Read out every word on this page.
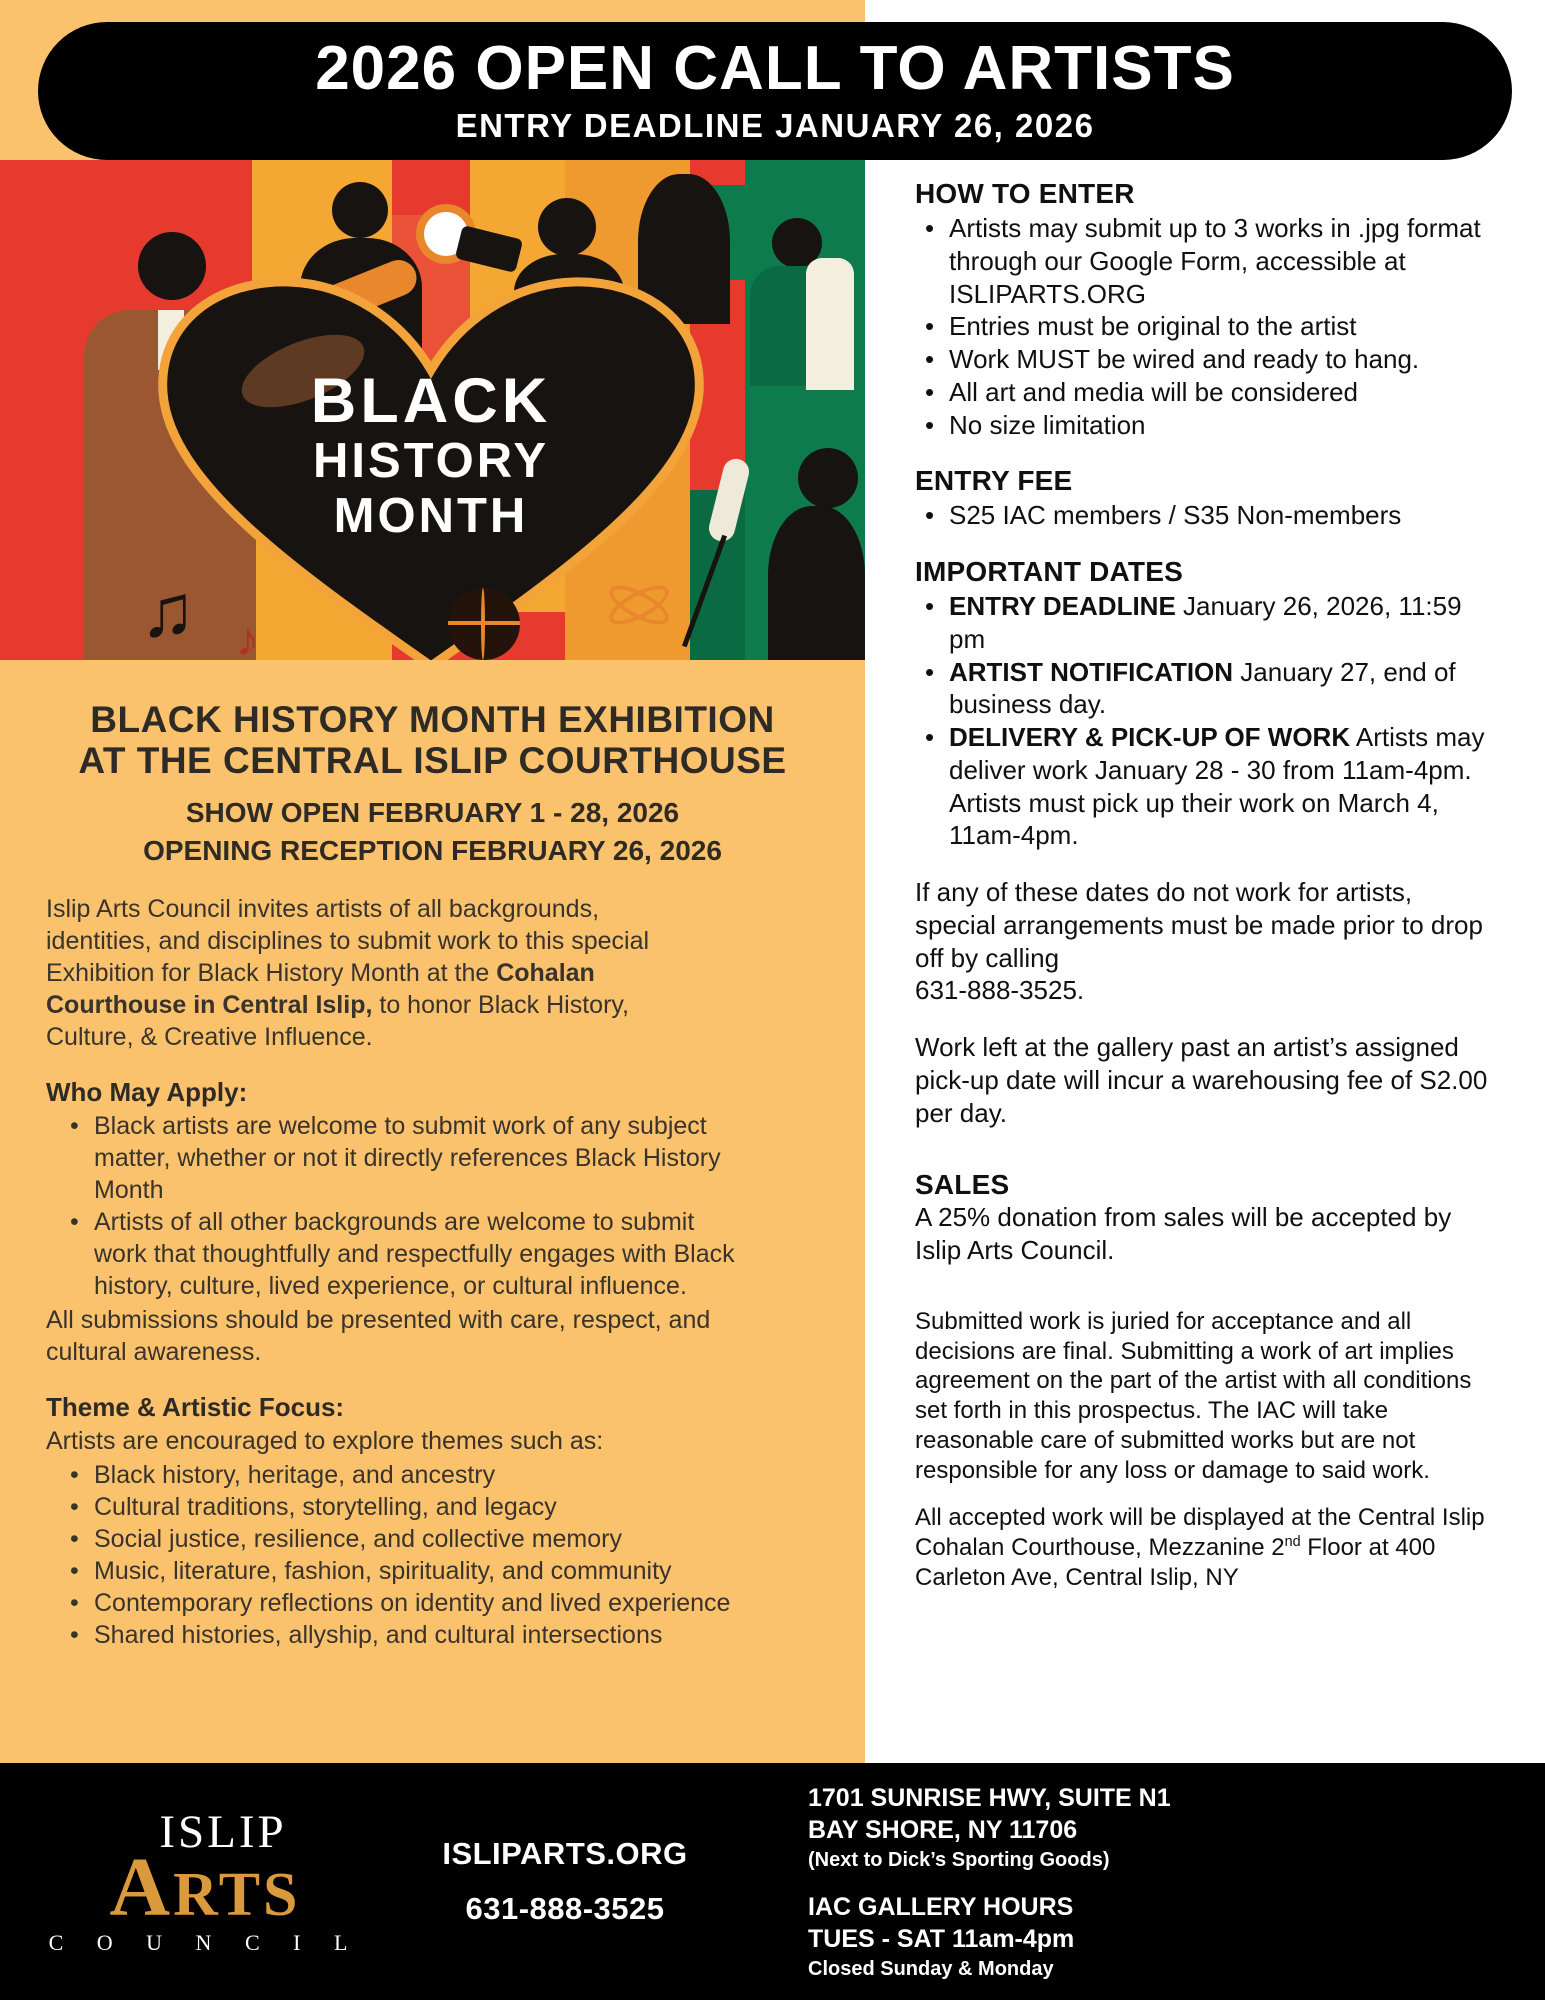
2026 OPEN CALL TO ARTISTS
ENTRY DEADLINE JANUARY 26, 2026
BLACK
HISTORY
MONTH
♫ ♪
BLACK HISTORY MONTH EXHIBITION
AT THE CENTRAL ISLIP COURTHOUSE
SHOW OPEN FEBRUARY 1 - 28, 2026
OPENING RECEPTION FEBRUARY 26, 2026

Islip Arts Council invites artists of all backgrounds, identities, and disciplines to submit work to this special Exhibition for Black History Month at the Cohalan Courthouse in Central Islip, to honor Black History, Culture, & Creative Influence.

Who May Apply:
• Black artists are welcome to submit work of any subject matter, whether or not it directly references Black History Month
• Artists of all other backgrounds are welcome to submit work that thoughtfully and respectfully engages with Black history, culture, lived experience, or cultural influence.

All submissions should be presented with care, respect, and cultural awareness.

Theme & Artistic Focus:

Artists are encouraged to explore themes such as:

• Black history, heritage, and ancestry
• Cultural traditions, storytelling, and legacy
• Social justice, resilience, and collective memory
• Music, literature, fashion, spirituality, and community
• Contemporary reflections on identity and lived experience
• Shared histories, allyship, and cultural intersections
HOW TO ENTER
• Artists may submit up to 3 works in .jpg format through our Google Form, accessible at ISLIPARTS.ORG
• Entries must be original to the artist
• Work MUST be wired and ready to hang.
• All art and media will be considered
• No size limitation
ENTRY FEE
• S25 IAC members / S35 Non-members
IMPORTANT DATES
• ENTRY DEADLINE January 26, 2026, 11:59 pm
• ARTIST NOTIFICATION January 27, end of business day.
• DELIVERY & PICK-UP OF WORK Artists may deliver work January 28 - 30 from 11am-4pm. Artists must pick up their work on March 4, 11am-4pm.

If any of these dates do not work for artists, special arrangements must be made prior to drop off by calling

631-888-3525.

Work left at the gallery past an artist’s assigned pick-up date will incur a warehousing fee of S2.00 per day.

SALES

A 25% donation from sales will be accepted by Islip Arts Council.

Submitted work is juried for acceptance and all decisions are final. Submitting a work of art implies agreement on the part of the artist with all conditions set forth in this prospectus. The IAC will take reasonable care of submitted works but are not responsible for any loss or damage to said work.

All accepted work will be displayed at the Central Islip Cohalan Courthouse, Mezzanine 2nd Floor at 400 Carleton Ave, Central Islip, NY

ISLIP
ARTS
C O U N C I L
ISLIPARTS.ORG
631-888-3525
1701 SUNRISE HWY, SUITE N1
BAY SHORE, NY 11706
(Next to Dick’s Sporting Goods)
IAC GALLERY HOURS
TUES - SAT 11am-4pm
Closed Sunday & Monday
